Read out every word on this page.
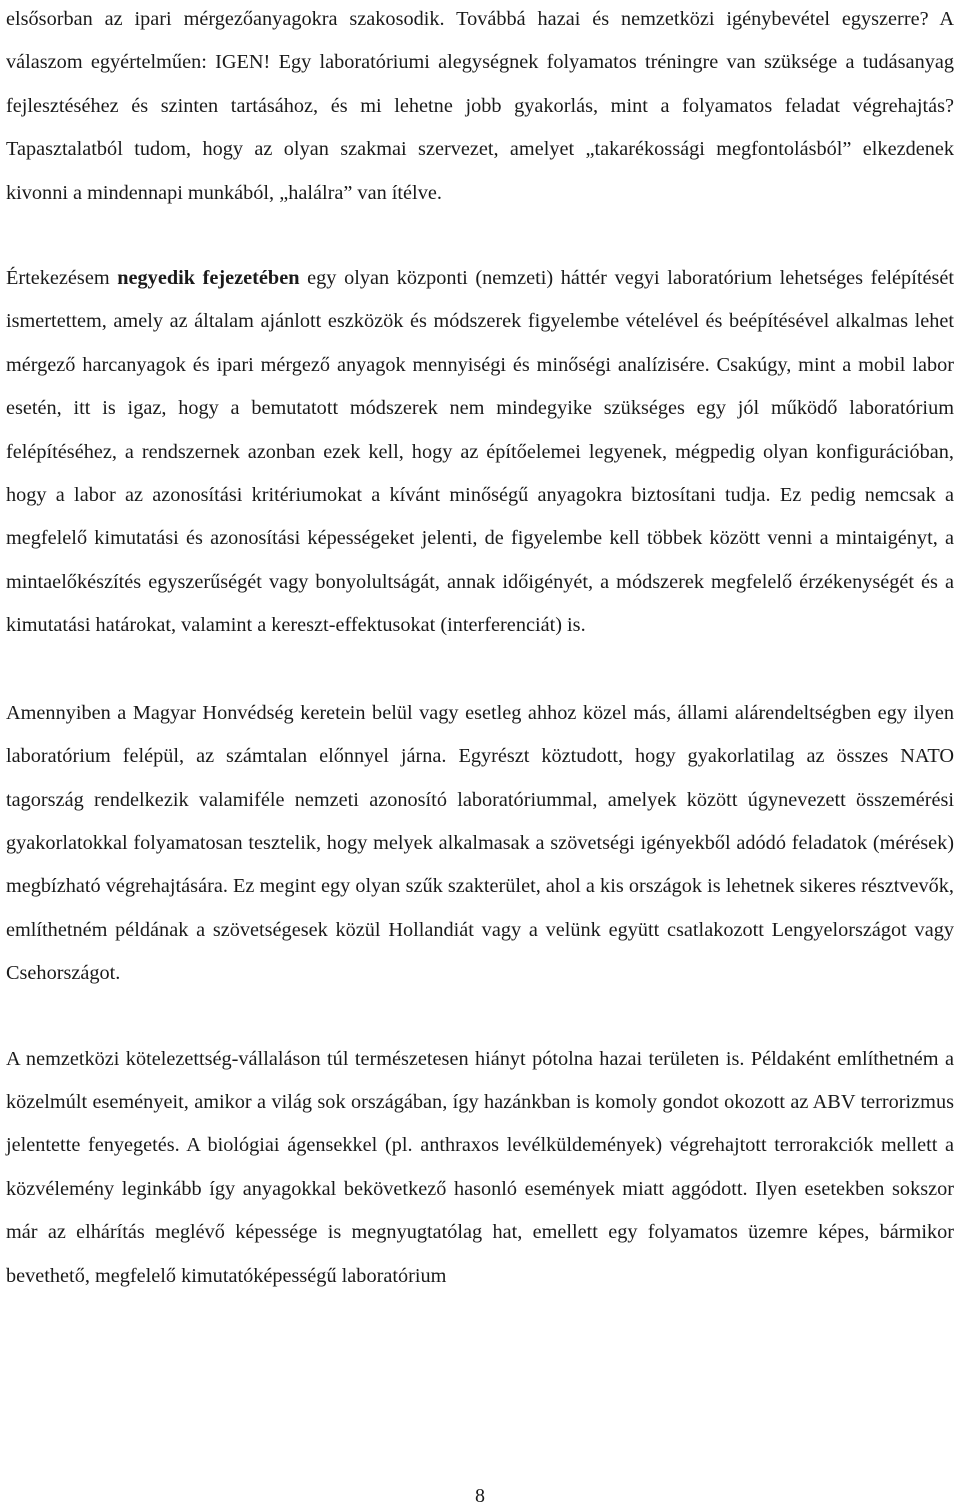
elsősorban az ipari mérgezőanyagokra szakosodik. Továbbá hazai és nemzetközi igénybevétel egyszerre? A válaszom egyértelműen: IGEN! Egy laboratóriumi alegységnek folyamatos tréningre van szüksége a tudásanyag fejlesztéséhez és szinten tartásához, és mi lehetne jobb gyakorlás, mint a folyamatos feladat végrehajtás? Tapasztalatból tudom, hogy az olyan szakmai szervezet, amelyet „takarékossági megfontolásból” elkezdenek kivonni a mindennapi munkából, „halálra” van ítélve.

Értekezésem negyedik fejezetében egy olyan központi (nemzeti) háttér vegyi laboratórium lehetséges felépítését ismertettem, amely az általam ajánlott eszközök és módszerek figyelembe vételével és beépítésével alkalmas lehet mérgező harcanyagok és ipari mérgező anyagok mennyiségi és minőségi analízisére. Csakúgy, mint a mobil labor esetén, itt is igaz, hogy a bemutatott módszerek nem mindegyike szükséges egy jól működő laboratórium felépítéséhez, a rendszernek azonban ezek kell, hogy az építőelemei legyenek, mégpedig olyan konfigurációban, hogy a labor az azonosítási kritériumokat a kívánt minőségű anyagokra biztosítani tudja. Ez pedig nemcsak a megfelelő kimutatási és azonosítási képességeket jelenti, de figyelembe kell többek között venni a mintaigényt, a mintaelőkészítés egyszerűségét vagy bonyolultságát, annak időigényét, a módszerek megfelelő érzékenységét és a kimutatási határokat, valamint a kereszt-effektusokat (interferenciát) is.

Amennyiben a Magyar Honvédség keretein belül vagy esetleg ahhoz közel más, állami alárendeltségben egy ilyen laboratórium felépül, az számtalan előnnyel járna. Egyrészt köztudott, hogy gyakorlatilag az összes NATO tagország rendelkezik valamiféle nemzeti azonosító laboratóriummal, amelyek között úgynevezett összemérési gyakorlatokkal folyamatosan tesztelik, hogy melyek alkalmasak a szövetségi igényekből adódó feladatok (mérések) megbízható végrehajtására. Ez megint egy olyan szűk szakterület, ahol a kis országok is lehetnek sikeres résztvevők, említhetném példának a szövetségesek közül Hollandiát vagy a velünk együtt csatlakozott Lengyelországot vagy Csehországot.

A nemzetközi kötelezettség-vállaláson túl természetesen hiányt pótolna hazai területen is. Példaként említhetném a közelmúlt eseményeit, amikor a világ sok országában, így hazánkban is komoly gondot okozott az ABV terrorizmus jelentette fenyegetés. A biológiai ágensekkel (pl. anthraxos levélküldemények) végrehajtott terrorakciók mellett a közvélemény leginkább így anyagokkal bekövetkező hasonló események miatt aggódott. Ilyen esetekben sokszor már az elhárítás meglévő képessége is megnyugtatólag hat, emellett egy folyamatos üzemre képes, bármikor bevethető, megfelelő kimutatóképességű laboratórium

8
